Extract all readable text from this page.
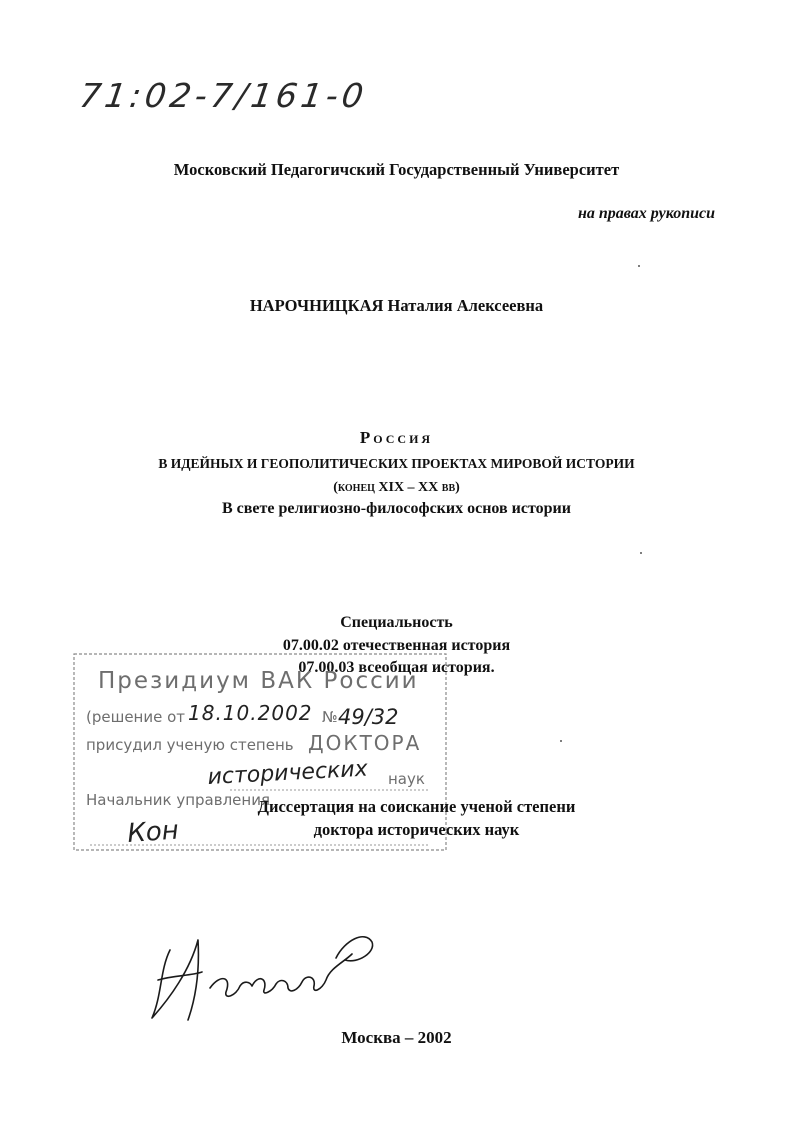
71:02-7/161-0
Московский Педагогичский Государственный Университет
на правах рукописи
НАРОЧНИЦКАЯ Наталия Алексеевна
Россия
В ИДЕЙНЫХ И ГЕОПОЛИТИЧЕСКИХ ПРОЕКТАХ МИРОВОЙ ИСТОРИИ
(конец XIX – XX вв)
В свете религиозно-философских основ истории
Специальность
07.00.02 отечественная история
07.00.03 всеобщая история.
Президиум ВАК России
(решение от	№
присудил ученую степень ДОКТОРА
наук
Начальник управления
18.10.2002 49/32
исторических
Кон
Диссертация на соискание ученой степени
доктора исторических наук
Нарочницкая
Москва – 2002
